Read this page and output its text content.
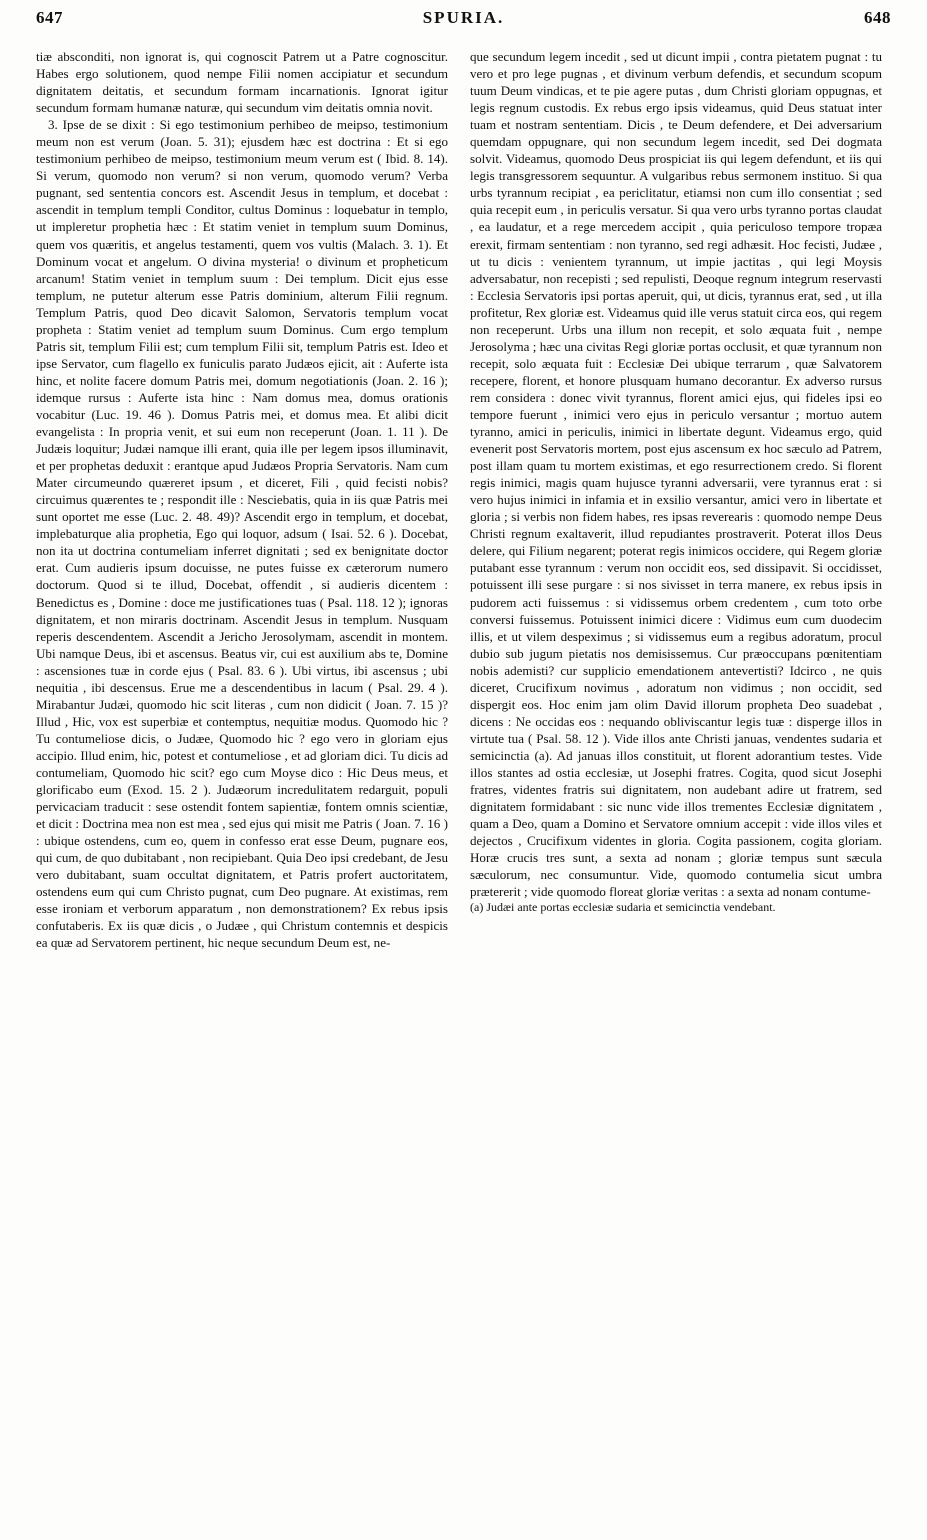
647	SPURIA.	648

tiæ absconditi, non ignorat is, qui cognoscit Patrem ut a Patre cognoscitur. Habes ergo solutionem, quod nempe Filii nomen accipiatur et secundum dignitatem deitatis, et secundum formam incarnationis. Ignorat igitur secundum formam humanæ naturæ, qui secundum vim deitatis omnia novit.

3. Ipse de se dixit : Si ego testimonium perhibeo de meipso, testimonium meum non est verum (Joan. 5. 31); ejusdem hæc est doctrina : Et si ego testimonium perhibeo de meipso, testimonium meum verum est ( Ibid. 8. 14). Si verum, quomodo non verum? si non verum, quomodo verum? Verba pugnant, sed sententia concors est. Ascendit Jesus in templum, et docebat : ascendit in templum templi Conditor, cultus Dominus : loquebatur in templo, ut impleretur prophetia hæc : Et statim veniet in templum suum Dominus, quem vos quæritis, et angelus testamenti, quem vos vultis (Malach. 3. 1). Et Dominum vocat et angelum. O divina mysteria! o divinum et propheticum arcanum! Statim veniet in templum suum : Dei templum. Dicit ejus esse templum, ne putetur alterum esse Patris dominium, alterum Filii regnum. Templum Patris, quod Deo dicavit Salomon, Servatoris templum vocat propheta : Statim veniet ad templum suum Dominus. Cum ergo templum Patris sit, templum Filii est; cum templum Filii sit, templum Patris est. Ideo et ipse Servator, cum flagello ex funiculis parato Judæos ejicit, ait : Auferte ista hinc, et nolite facere domum Patris mei, domum negotiationis (Joan. 2. 16 ); idemque rursus : Auferte ista hinc : Nam domus mea, domus orationis vocabitur (Luc. 19. 46 ). Domus Patris mei, et domus mea. Et alibi dicit evangelista : In propria venit, et sui eum non receperunt (Joan. 1. 11 ). De Judæis loquitur; Judæi namque illi erant, quia ille per legem ipsos illuminavit, et per prophetas deduxit : erantque apud Judæos Propria Servatoris. Nam cum Mater circumeundo quæreret ipsum , et diceret, Fili , quid fecisti nobis? circuimus quærentes te ; respondit ille : Nesciebatis, quia in iis quæ Patris mei sunt oportet me esse (Luc. 2. 48. 49)? Ascendit ergo in templum, et docebat, implebaturque alia prophetia, Ego qui loquor, adsum ( Isai. 52. 6 ). Docebat, non ita ut doctrina contumeliam inferret dignitati ; sed ex benignitate doctor erat. Cum audieris ipsum docuisse, ne putes fuisse ex cæterorum numero doctorum. Quod si te illud, Docebat, offendit , si audieris dicentem : Benedictus es , Domine : doce me justificationes tuas ( Psal. 118. 12 ); ignoras dignitatem, et non miraris doctrinam. Ascendit Jesus in templum. Nusquam reperis descendentem. Ascendit a Jericho Jerosolymam, ascendit in montem. Ubi namque Deus, ibi et ascensus. Beatus vir, cui est auxilium abs te, Domine : ascensiones tuæ in corde ejus ( Psal. 83. 6 ). Ubi virtus, ibi ascensus ; ubi nequitia , ibi descensus. Erue me a descendentibus in lacum ( Psal. 29. 4 ). Mirabantur Judæi, quomodo hic scit literas , cum non didicit ( Joan. 7. 15 )? Illud , Hic, vox est superbiæ et contemptus, nequitiæ modus. Quomodo hic ? Tu contumeliose dicis, o Judæe, Quomodo hic ? ego vero in gloriam ejus accipio. Illud enim, hic, potest et contumeliose , et ad gloriam dici. Tu dicis ad contumeliam, Quomodo hic scit? ego cum Moyse dico : Hic Deus meus, et glorificabo eum (Exod. 15. 2 ). Judæorum incredulitatem redarguit, populi pervicaciam traducit : sese ostendit fontem sapientiæ, fontem omnis scientiæ, et dicit : Doctrina mea non est mea , sed ejus qui misit me Patris ( Joan. 7. 16 ) : ubique ostendens, cum eo, quem in confesso erat esse Deum, pugnare eos, qui cum, de quo dubitabant , non recipiebant. Quia Deo ipsi credebant, de Jesu vero dubitabant, suam occultat dignitatem, et Patris profert auctoritatem, ostendens eum qui cum Christo pugnat, cum Deo pugnare. At existimas, rem esse ironiam et verborum apparatum , non demonstrationem? Ex rebus ipsis confutaberis. Ex iis quæ dicis , o Judæe , qui Christum contemnis et despicis ea quæ ad Servatorem pertinent, hic neque secundum Deum est, ne-

que secundum legem incedit , sed ut dicunt impii , contra pietatem pugnat : tu vero et pro lege pugnas , et divinum verbum defendis, et secundum scopum tuum Deum vindicas, et te pie agere putas , dum Christi gloriam oppugnas, et legis regnum custodis. Ex rebus ergo ipsis videamus, quid Deus statuat inter tuam et nostram sententiam. Dicis , te Deum defendere, et Dei adversarium quemdam oppugnare, qui non secundum legem incedit, sed Dei dogmata solvit. Videamus, quomodo Deus prospiciat iis qui legem defendunt, et iis qui legis transgressorem sequuntur. A vulgaribus rebus sermonem instituo. Si qua urbs tyrannum recipiat , ea periclitatur, etiamsi non cum illo consentiat ; sed quia recepit eum , in periculis versatur. Si qua vero urbs tyranno portas claudat , ea laudatur, et a rege mercedem accipit , quia periculoso tempore tropæa erexit, firmam sententiam : non tyranno, sed regi adhæsit. Hoc fecisti, Judæe , ut tu dicis : venientem tyrannum, ut impie jactitas , qui legi Moysis adversabatur, non recepisti ; sed repulisti, Deoque regnum integrum reservasti : Ecclesia Servatoris ipsi portas aperuit, qui, ut dicis, tyrannus erat, sed , ut illa profitetur, Rex gloriæ est. Videamus quid ille verus statuit circa eos, qui regem non receperunt. Urbs una illum non recepit, et solo æquata fuit , nempe Jerosolyma ; hæc una civitas Regi gloriæ portas occlusit, et quæ tyrannum non recepit, solo æquata fuit : Ecclesiæ Dei ubique terrarum , quæ Salvatorem recepere, florent, et honore plusquam humano decorantur. Ex adverso rursus rem considera : donec vivit tyrannus, florent amici ejus, qui fideles ipsi eo tempore fuerunt , inimici vero ejus in periculo versantur ; mortuo autem tyranno, amici in periculis, inimici in libertate degunt. Videamus ergo, quid evenerit post Servatoris mortem, post ejus ascensum ex hoc sæculo ad Patrem, post illam quam tu mortem existimas, et ego resurrectionem credo. Si florent regis inimici, magis quam hujusce tyranni adversarii, vere tyrannus erat : si vero hujus inimici in infamia et in exsilio versantur, amici vero in libertate et gloria ; si verbis non fidem habes, res ipsas reverearis : quomodo nempe Deus Christi regnum exaltaverit, illud repudiantes prostraverit. Poterat illos Deus delere, qui Filium negarent; poterat regis inimicos occidere, qui Regem gloriæ putabant esse tyrannum : verum non occidit eos, sed dissipavit. Si occidisset, potuissent illi sese purgare : si nos sivisset in terra manere, ex rebus ipsis in pudorem acti fuissemus : si vidissemus orbem credentem , cum toto orbe conversi fuissemus. Potuissent inimici dicere : Vidimus eum cum duodecim illis, et ut vilem despeximus ; si vidissemus eum a regibus adoratum, procul dubio sub jugum pietatis nos demisissemus. Cur præoccupans pœnitentiam nobis ademisti? cur supplicio emendationem antevertisti? Idcirco , ne quis diceret, Crucifixum novimus , adoratum non vidimus ; non occidit, sed dispergit eos. Hoc enim jam olim David illorum propheta Deo suadebat , dicens : Ne occidas eos : nequando obliviscantur legis tuæ : disperge illos in virtute tua ( Psal. 58. 12 ). Vide illos ante Christi januas, vendentes sudaria et semicinctia (a). Ad januas illos constituit, ut florent adorantium testes. Vide illos stantes ad ostia ecclesiæ, ut Josephi fratres. Cogita, quod sicut Josephi fratres, videntes fratris sui dignitatem, non audebant adire ut fratrem, sed dignitatem formidabant : sic nunc vide illos trementes Ecclesiæ dignitatem , quam a Deo, quam a Domino et Servatore omnium accepit : vide illos viles et dejectos , Crucifixum videntes in gloria. Cogita passionem, cogita gloriam. Horæ crucis tres sunt, a sexta ad nonam ; gloriæ tempus sunt sæcula sæculorum, nec consumuntur. Vide, quomodo contumelia sicut umbra prætererit ; vide quomodo floreat gloriæ veritas : a sexta ad nonam contume-

(a) Judæi ante portas ecclesiæ sudaria et semicinctia vendebant.
